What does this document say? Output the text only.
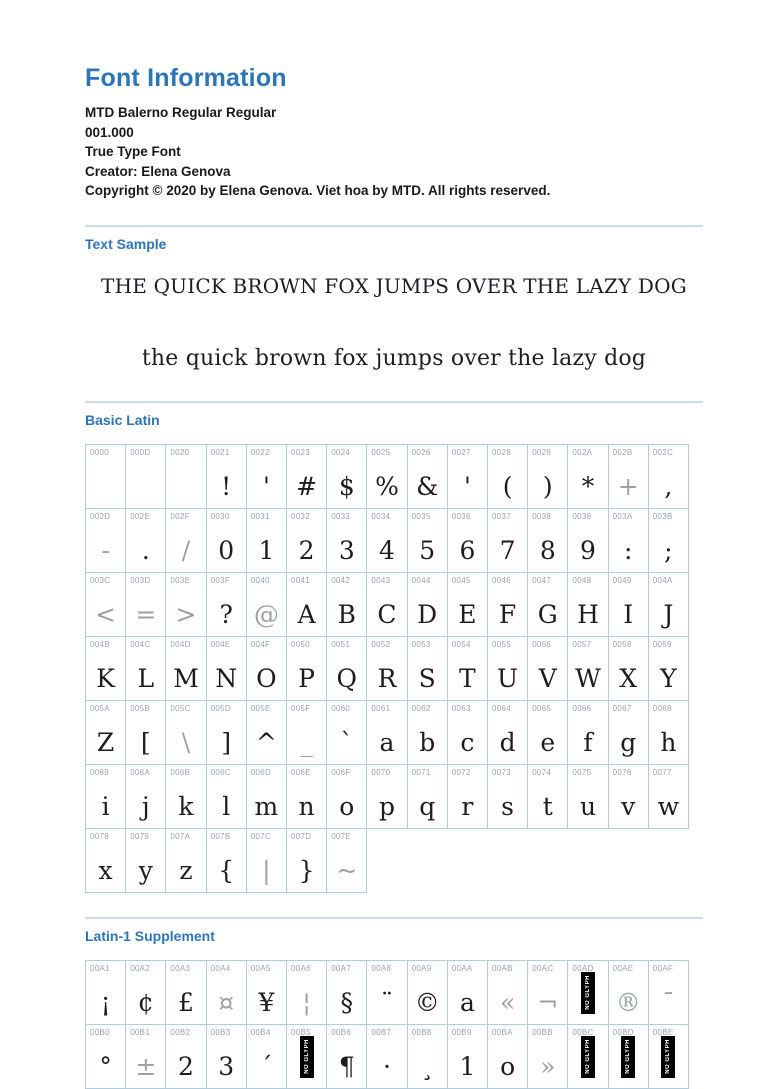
Font Information
MTD Balerno Regular Regular
001.000
True Type Font
Creator: Elena Genova
Copyright © 2020 by Elena Genova. Viet hoa by MTD. All rights reserved.
Text Sample
THE QUICK BROWN FOX JUMPS OVER THE LAZY DOG
the quick brown fox jumps over the lazy dog
Basic Latin
0000	000D 0020	0021
!
0022
'
0023
#
0024
$
0025
%
0026
&
0027
'
0028
(
0029
)
002A
*
002B
+
002C
,
002D
-
002E
.
002F
/
0030
0
0031
1
0032
2
0033
3
0034
4
0035
5
0036
6
0037
7
0038
8
0039
9
003A
:
003B
;
003C
<
003D
=
003E
>
003F
?
0040
@
0041
A
0042
B
0043
C
0044
D
0045
E
0046
F
0047
G
0048
H
0049
I
004A
J
004B
K
004C
L
004D
M
004E
N
004F
O
0050
P
0051
Q
0052
R
0053
S
0054
T
0055
U
0056
V
0057
W
0058
X
0059
Y
005A
Z
005B
[
005C
\
005D
]
005E
^
005F
_
0060
`
0061
a
0062
b
0063
c
0064
d
0065
e
0066
f
0067
g
0068
h
0069
i
006A
j
006B
k
006C
l
006D
m
006E
n
006F
o
0070
p
0071
q
0072
r
0073
s
0074
t
0075
u
0076
v
0077
w
0078
x
0079
y
007A
z
007B
{
007C
|
007D
}
007E
~
Latin-1 Supplement
00A1
¡
00A2
¢
00A3
£
00A4
¤
00A5
¥
00A6
¦
00A7
§
00A8
¨
00A9
©
00AA
a
00AB
«
00AC
¬
00AD
NO GLYPH
00AE
®
00AF
¯
00B0
°
00B1
±
00B2
2
00B3
3
00B4
´
00B5
NO GLYPH
00B6
¶
00B7
·
00B8
¸
00B9
1
00BA
o
00BB
»
00BC
NO GLYPH
00BD
NO GLYPH
00BE
NO GLYPH
